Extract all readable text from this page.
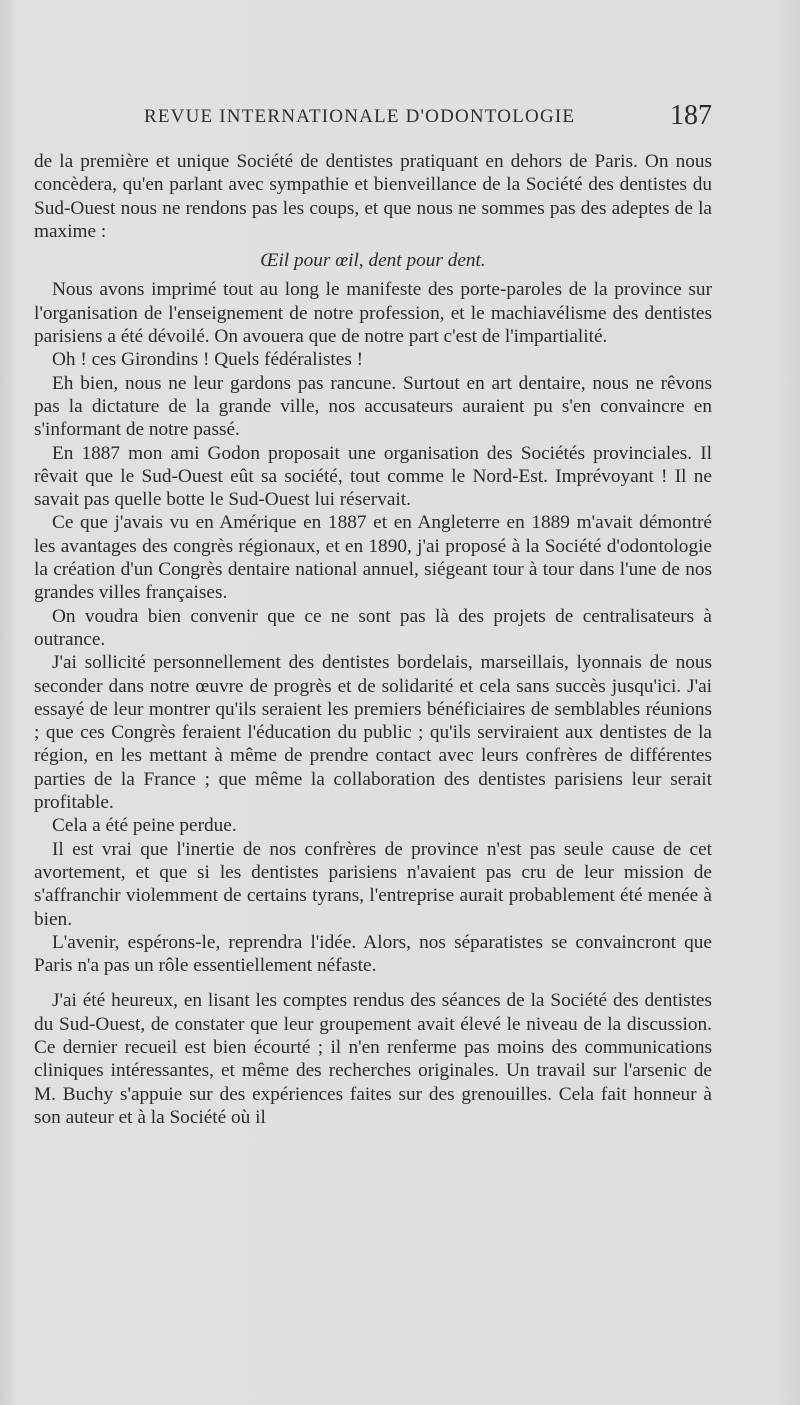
REVUE INTERNATIONALE D'ODONTOLOGIE	187

de la première et unique Société de dentistes pratiquant en dehors de Paris. On nous concèdera, qu'en parlant avec sympathie et bienveillance de la Société des dentistes du Sud-Ouest nous ne rendons pas les coups, et que nous ne sommes pas des adeptes de la maxime :

Œil pour œil, dent pour dent.

Nous avons imprimé tout au long le manifeste des porte-paroles de la province sur l'organisation de l'enseignement de notre profession, et le machiavélisme des dentistes parisiens a été dévoilé. On avouera que de notre part c'est de l'impartialité.

Oh ! ces Girondins ! Quels fédéralistes !

Eh bien, nous ne leur gardons pas rancune. Surtout en art dentaire, nous ne rêvons pas la dictature de la grande ville, nos accusateurs auraient pu s'en convaincre en s'informant de notre passé.

En 1887 mon ami Godon proposait une organisation des Sociétés provinciales. Il rêvait que le Sud-Ouest eût sa société, tout comme le Nord-Est. Imprévoyant ! Il ne savait pas quelle botte le Sud-Ouest lui réservait.

Ce que j'avais vu en Amérique en 1887 et en Angleterre en 1889 m'avait démontré les avantages des congrès régionaux, et en 1890, j'ai proposé à la Société d'odontologie la création d'un Congrès dentaire national annuel, siégeant tour à tour dans l'une de nos grandes villes françaises.

On voudra bien convenir que ce ne sont pas là des projets de centralisateurs à outrance.

J'ai sollicité personnellement des dentistes bordelais, marseillais, lyonnais de nous seconder dans notre œuvre de progrès et de solidarité et cela sans succès jusqu'ici. J'ai essayé de leur montrer qu'ils seraient les premiers bénéficiaires de semblables réunions ; que ces Congrès feraient l'éducation du public ; qu'ils serviraient aux dentistes de la région, en les mettant à même de prendre contact avec leurs confrères de différentes parties de la France ; que même la collaboration des dentistes parisiens leur serait profitable.

Cela a été peine perdue.

Il est vrai que l'inertie de nos confrères de province n'est pas seule cause de cet avortement, et que si les dentistes parisiens n'avaient pas cru de leur mission de s'affranchir violemment de certains tyrans, l'entreprise aurait probablement été menée à bien.

L'avenir, espérons-le, reprendra l'idée. Alors, nos séparatistes se convaincront que Paris n'a pas un rôle essentiellement néfaste.

J'ai été heureux, en lisant les comptes rendus des séances de la Société des dentistes du Sud-Ouest, de constater que leur groupement avait élevé le niveau de la discussion. Ce dernier recueil est bien écourté ; il n'en renferme pas moins des communications cliniques intéressantes, et même des recherches originales. Un travail sur l'arsenic de M. Buchy s'appuie sur des expériences faites sur des grenouilles. Cela fait honneur à son auteur et à la Société où il
